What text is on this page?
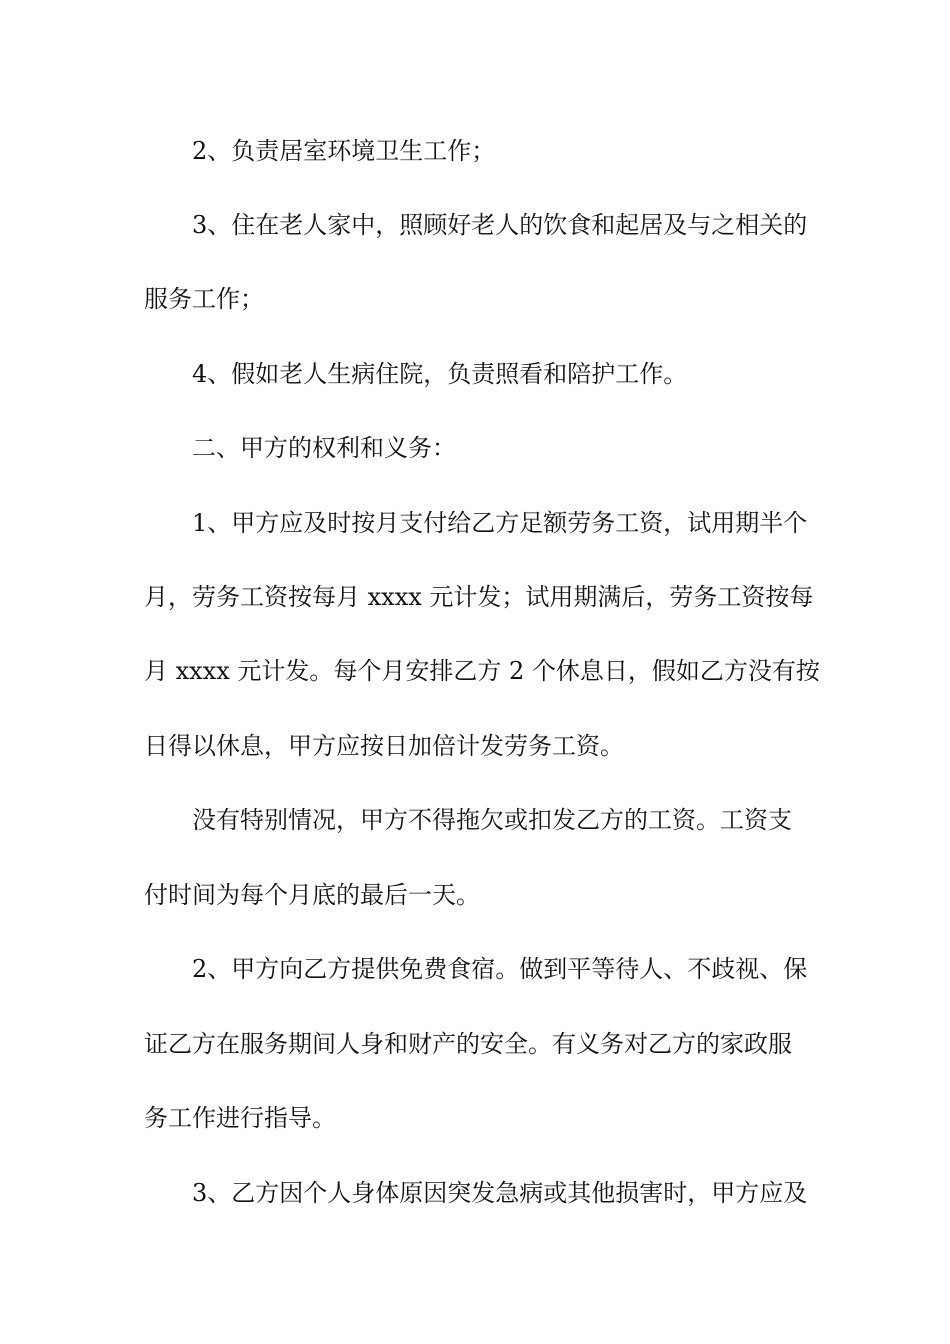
2、负责居室环境卫生工作；
3、住在老人家中，照顾好老人的饮食和起居及与之相关的
服务工作；
4、假如老人生病住院，负责照看和陪护工作。
二、甲方的权利和义务：
1、甲方应及时按月支付给乙方足额劳务工资，试用期半个
月，劳务工资按每月 xxxx 元计发；试用期满后，劳务工资按每
月 xxxx 元计发。每个月安排乙方 2 个休息日，假如乙方没有按
日得以休息，甲方应按日加倍计发劳务工资。
没有特别情况，甲方不得拖欠或扣发乙方的工资。工资支
付时间为每个月底的最后一天。
2、甲方向乙方提供免费食宿。做到平等待人、不歧视、保
证乙方在服务期间人身和财产的安全。有义务对乙方的家政服
务工作进行指导。
3、乙方因个人身体原因突发急病或其他损害时，甲方应及
